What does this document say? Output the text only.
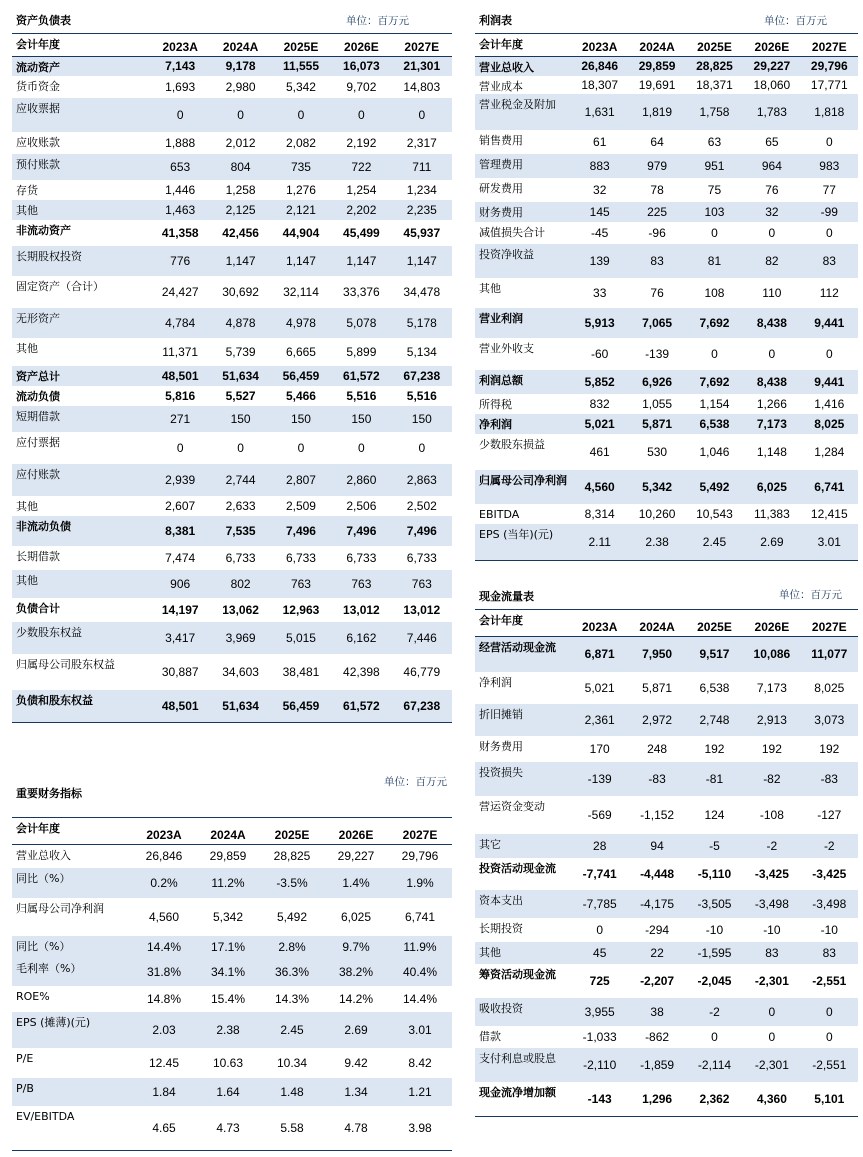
资产负债表	单位：百万元
会计年度	2023A	2024A	2025E	2026E	2027E
流动资产	7,143	9,178	11,555	16,073	21,301
货币资金	1,693	2,980	5,342	9,702	14,803
应收票据	0	0	0	0	0
应收账款	1,888	2,012	2,082	2,192	2,317
预付账款	653	804	735	722	711
存货	1,446	1,258	1,276	1,254	1,234
其他	1,463	2,125	2,121	2,202	2,235
非流动资产	41,358	42,456	44,904	45,499	45,937
长期股权投资	776	1,147	1,147	1,147	1,147
固定资产（合计）	24,427	30,692	32,114	33,376	34,478
无形资产	4,784	4,878	4,978	5,078	5,178
其他	11,371	5,739	6,665	5,899	5,134
资产总计	48,501	51,634	56,459	61,572	67,238
流动负债	5,816	5,527	5,466	5,516	5,516
短期借款	271	150	150	150	150
应付票据	0	0	0	0	0
应付账款	2,939	2,744	2,807	2,860	2,863
其他	2,607	2,633	2,509	2,506	2,502
非流动负债	8,381	7,535	7,496	7,496	7,496
长期借款	7,474	6,733	6,733	6,733	6,733
其他	906	802	763	763	763
负债合计	14,197	13,062	12,963	13,012	13,012
少数股东权益	3,417	3,969	5,015	6,162	7,446
归属母公司股东权益	30,887	34,603	38,481	42,398	46,779
负债和股东权益	48,501	51,634	56,459	61,572	67,238
重要财务指标
单位：百万元
会计年度	2023A	2024A	2025E	2026E	2027E
营业总收入	26,846	29,859	28,825	29,227	29,796
同比（%）	0.2%	11.2%	-3.5%	1.4%	1.9%
归属母公司净利润	4,560	5,342	5,492	6,025	6,741
同比（%）	14.4%	17.1%	2.8%	9.7%	11.9%
毛利率（%）	31.8%	34.1%	36.3%	38.2%	40.4%
ROE%	14.8%	15.4%	14.3%	14.2%	14.4%
EPS (摊薄)(元)	2.03	2.38	2.45	2.69	3.01
P/E	12.45	10.63	10.34	9.42	8.42
P/B	1.84	1.64	1.48	1.34	1.21
EV/EBITDA	4.65	4.73	5.58	4.78	3.98
利润表	单位：百万元
会计年度	2023A	2024A	2025E	2026E	2027E
营业总收入	26,846	29,859	28,825	29,227	29,796
营业成本	18,307	19,691	18,371	18,060	17,771
营业税金及附加	1,631	1,819	1,758	1,783	1,818
销售费用	61	64	63	65	0
管理费用	883	979	951	964	983
研发费用	32	78	75	76	77
财务费用	145	225	103	32	-99
减值损失合计	-45	-96	0	0	0
投资净收益	139	83	81	82	83
其他	33	76	108	110	112
营业利润	5,913	7,065	7,692	8,438	9,441
营业外收支	-60	-139	0	0	0
利润总额	5,852	6,926	7,692	8,438	9,441
所得税	832	1,055	1,154	1,266	1,416
净利润	5,021	5,871	6,538	7,173	8,025
少数股东损益	461	530	1,046	1,148	1,284
归属母公司净利润	4,560	5,342	5,492	6,025	6,741
EBITDA	8,314	10,260	10,543	11,383	12,415
EPS (当年)(元)	2.11	2.38	2.45	2.69	3.01
现金流量表	单位：百万元
会计年度	2023A	2024A	2025E	2026E	2027E
经营活动现金流	6,871	7,950	9,517	10,086	11,077
净利润	5,021	5,871	6,538	7,173	8,025
折旧摊销	2,361	2,972	2,748	2,913	3,073
财务费用	170	248	192	192	192
投资损失	-139	-83	-81	-82	-83
营运资金变动	-569	-1,152	124	-108	-127
其它	28	94	-5	-2	-2
投资活动现金流	-7,741	-4,448	-5,110	-3,425	-3,425
资本支出	-7,785	-4,175	-3,505	-3,498	-3,498
长期投资	0	-294	-10	-10	-10
其他	45	22	-1,595	83	83
筹资活动现金流	725	-2,207	-2,045	-2,301	-2,551
吸收投资	3,955	38	-2	0	0
借款	-1,033	-862	0	0	0
支付利息或股息	-2,110	-1,859	-2,114	-2,301	-2,551
现金流净增加额	-143	1,296	2,362	4,360	5,101
